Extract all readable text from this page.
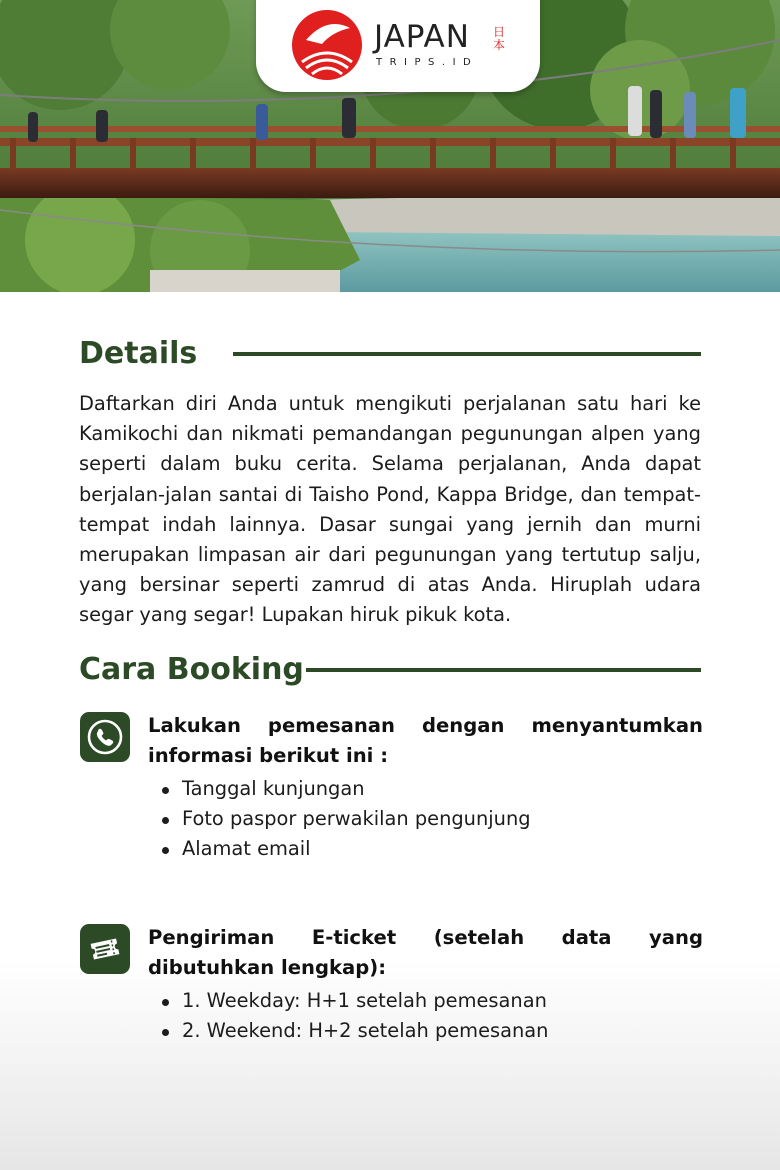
JAPAN 日本
TRIPS.ID
Details

Daftarkan diri Anda untuk mengikuti perjalanan satu hari ke Kamikochi dan nikmati pemandangan pegunungan alpen yang seperti dalam buku cerita. Selama perjalanan, Anda dapat berjalan-jalan santai di Taisho Pond, Kappa Bridge, dan tempat-tempat indah lainnya. Dasar sungai yang jernih dan murni merupakan limpasan air dari pegunungan yang tertutup salju, yang bersinar seperti zamrud di atas Anda. Hiruplah udara segar yang segar! Lupakan hiruk pikuk kota.

Cara Booking

Lakukan pemesanan dengan menyantumkan informasi berikut ini :

Tanggal kunjungan
Foto paspor perwakilan pengunjung
Alamat email

Pengiriman E-ticket (setelah data yang dibutuhkan lengkap):

1. Weekday: H+1 setelah pemesanan
2. Weekend: H+2 setelah pemesanan
